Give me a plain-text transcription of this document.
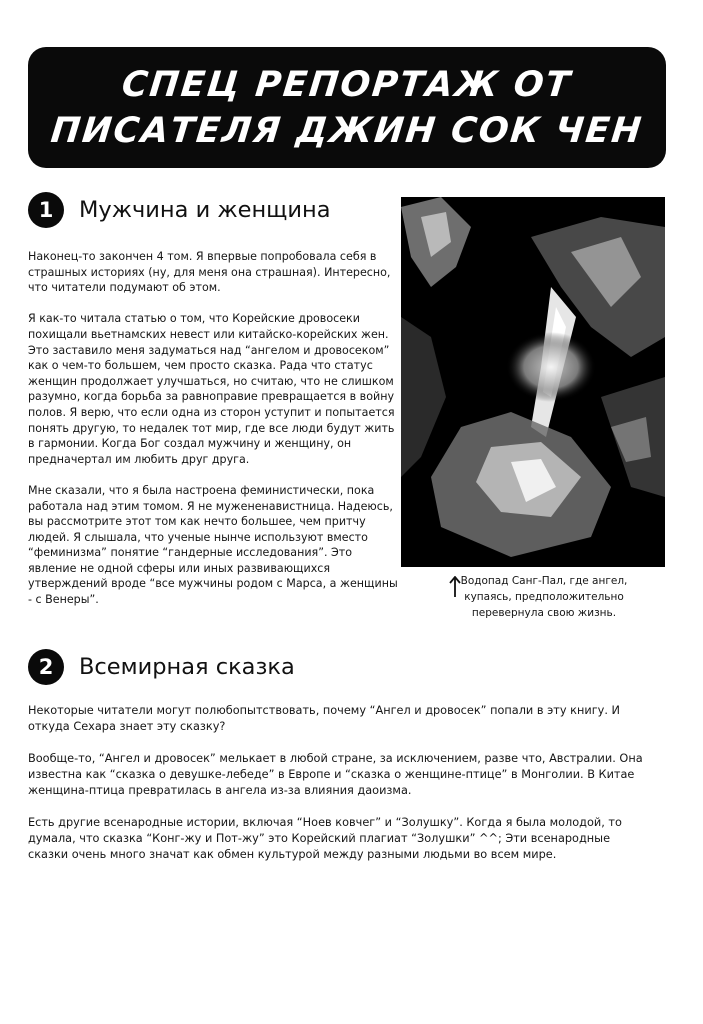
СПЕЦ РЕПОРТАЖ ОТ
ПИСАТЕЛЯ ДЖИН СОК ЧЕН
1	Мужчина и женщина

Наконец-то закончен 4 том. Я впервые попробовала себя в страшных историях (ну, для меня она страшная). Интересно, что читатели подумают об этом.

Я как-то читала статью о том, что Корейские дровосеки похищали вьетнамских невест или китайско-корейских жен. Это заставило меня задуматься над “ангелом и дровосеком” как о чем-то большем, чем просто сказка. Рада что статус женщин продолжает улучшаться, но считаю, что не слишком разумно, когда борьба за равноправие превращается в войну полов. Я верю, что если одна из сторон уступит и попытается понять другую, то недалек тот мир, где все люди будут жить в гармонии. Когда Бог создал мужчину и женщину, он предначертал им любить друг друга.

Мне сказали, что я была настроена феминистически, пока работала над этим томом. Я не мужененавистница. Надеюсь, вы рассмотрите этот том как нечто большее, чем притчу людей. Я слышала, что ученые нынче используют вместо “феминизма” понятие “гандерные исследования”. Это явление не одной сферы или иных развивающихся утверждений вроде “все мужчины родом с Марса, а женщины - с Венеры”.

Водопад Санг-Пал, где ангел, купаясь, предположительно перевернула свою жизнь.
2	Всемирная сказка

Некоторые читатели могут полюбопытствовать, почему “Ангел и дровосек” попали в эту книгу. И откуда Сехара знает эту сказку?

Вообще-то, “Ангел и дровосек” мелькает в любой стране, за исключением, разве что, Австралии. Она известна как “сказка о девушке-лебеде” в Европе и “сказка о женщине-птице” в Монголии. В Китае женщина-птица превратилась в ангела из-за влияния даоизма.

Есть другие всенародные истории, включая “Ноев ковчег” и “Золушку”. Когда я была молодой, то думала, что сказка “Конг-жу и Пот-жу” это Корейский плагиат “Золушки” ^^; Эти всенародные сказки очень много значат как обмен культурой между разными людьми во всем мире.
